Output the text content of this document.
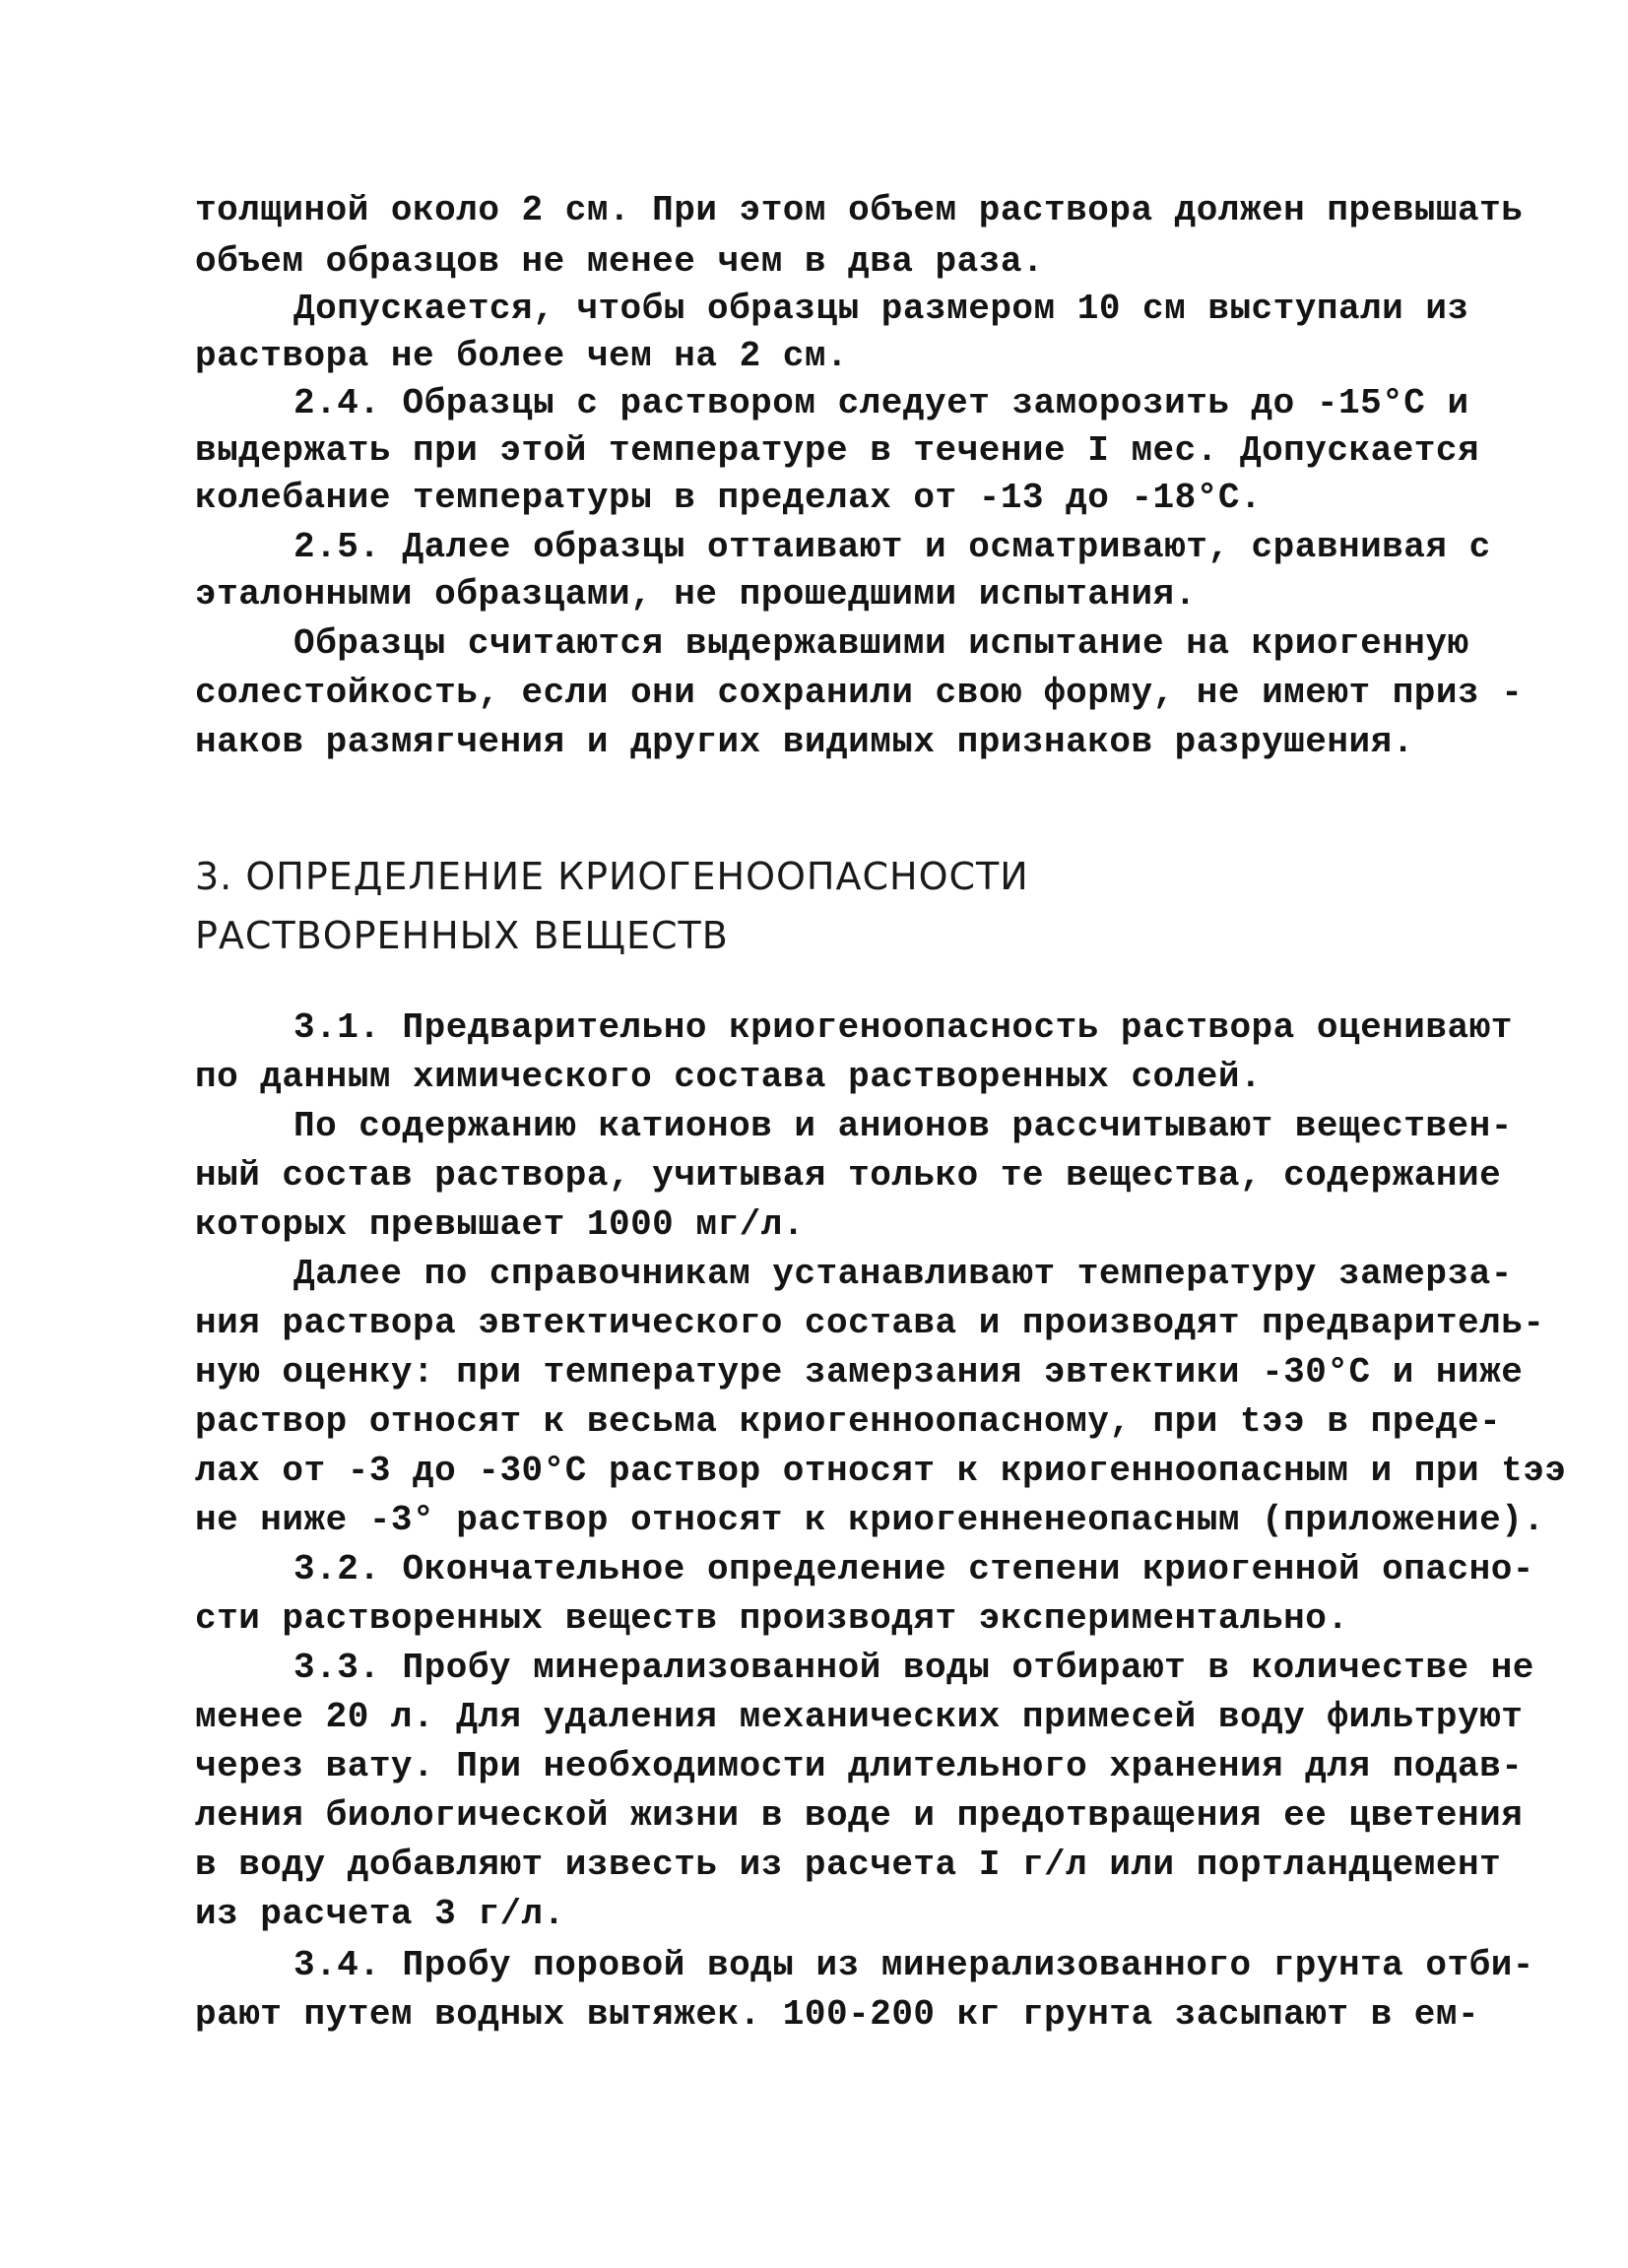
толщиной около 2 см. При этом объем раствора должен превышать
объем образцов не менее чем в два раза.
Допускается, чтобы образцы размером 10 см выступали из
раствора не более чем на 2 см.
2.4. Образцы с раствором следует заморозить до -15°С и
выдержать при этой температуре в течение I мес. Допускается
колебание температуры в пределах от -13 до -18°С.
2.5. Далее образцы оттаивают и осматривают, сравнивая с
эталонными образцами, не прошедшими испытания.
Образцы считаются выдержавшими испытание на криогенную
солестойкость, если они сохранили свою форму, не имеют приз -
наков размягчения и других видимых признаков разрушения.
3. ОПРЕДЕЛЕНИЕ КРИОГЕНООПАСНОСТИ
РАСТВОРЕННЫХ ВЕЩЕСТВ
3.1. Предварительно криогеноопасность раствора оценивают
по данным химического состава растворенных солей.
По содержанию катионов и анионов рассчитывают веществен-
ный состав раствора, учитывая только те вещества, содержание
которых превышает 1000 мг/л.
Далее по справочникам устанавливают температуру замерза-
ния раствора эвтектического состава и производят предваритель-
ную оценку: при температуре замерзания эвтектики -30°С и ниже
раствор относят к весьма криогенноопасному, при tээ в преде-
лах от -3 до -30°С раствор относят к криогенноопасным и при tээ
не ниже -3° раствор относят к криогенненеопасным (приложение).
3.2. Окончательное определение степени криогенной опасно-
сти растворенных веществ производят экспериментально.
3.3. Пробу минерализованной воды отбирают в количестве не
менее 20 л. Для удаления механических примесей воду фильтруют
через вату. При необходимости длительного хранения для подав-
ления биологической жизни в воде и предотвращения ее цветения
в воду добавляют известь из расчета I г/л или портландцемент
из расчета 3 г/л.
3.4. Пробу поровой воды из минерализованного грунта отби-
рают путем водных вытяжек. 100-200 кг грунта засыпают в ем-
